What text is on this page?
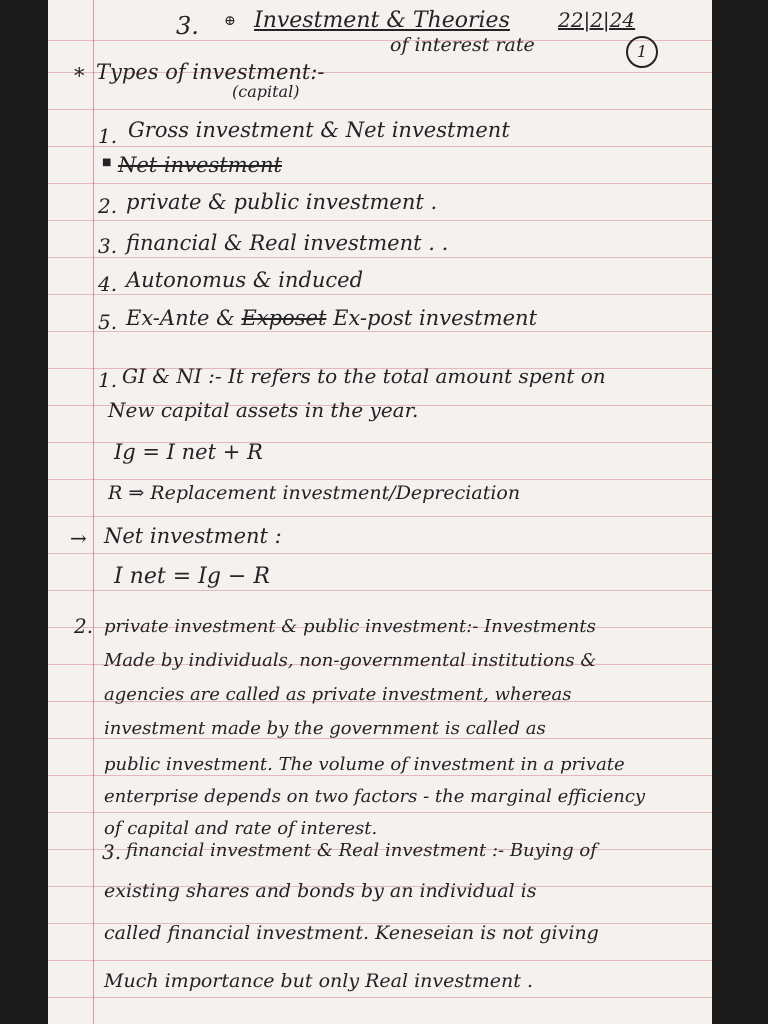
3. ⊕ Investment & Theories
of interest rate
22|2|24
1
* Types of investment:-
(capital)
1. Gross investment & Net investment
■ Net investment
2. private & public investment .
3. financial & Real investment . .
4. Autonomus & induced
5. Ex-Ante & Exposet Ex-post investment
1. GI & NI :- It refers to the total amount spent on
New capital assets in the year.
Ig = I net + R
R ⇒ Replacement investment/Depreciation
→ Net investment :
I net = Ig − R
2. private investment & public investment:- Investments
Made by individuals, non-governmental institutions &
agencies are called as private investment, whereas
investment made by the government is called as
public investment. The volume of investment in a private
enterprise depends on two factors - the marginal efficiency
of capital and rate of interest.
3. financial investment & Real investment :- Buying of
existing shares and bonds by an individual is
called financial investment. Keneseian is not giving
Much importance but only Real investment .
